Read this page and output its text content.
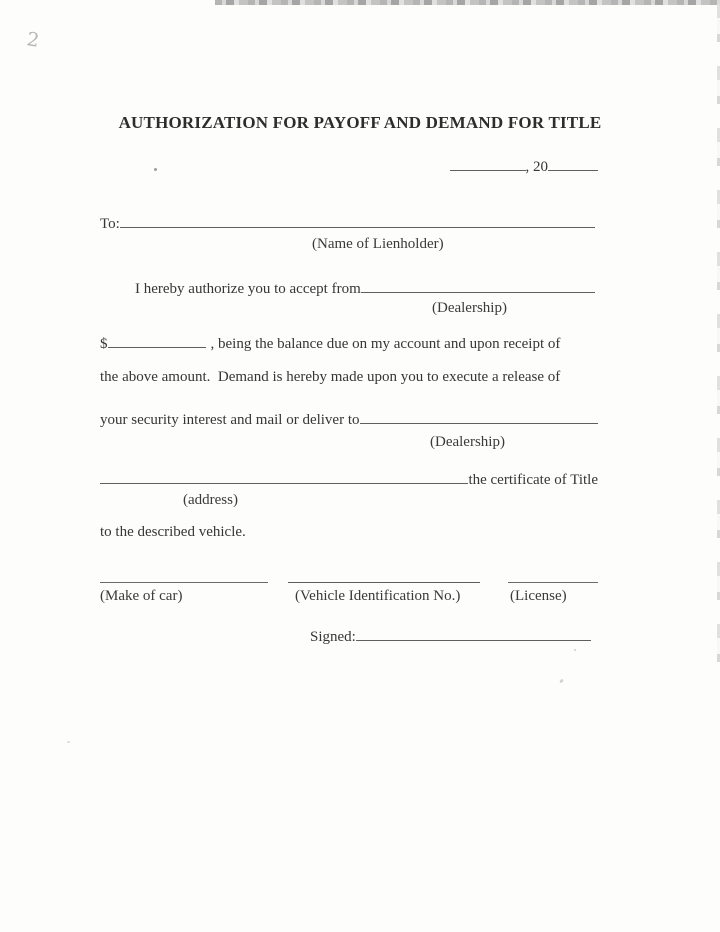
2
AUTHORIZATION FOR PAYOFF AND DEMAND FOR TITLE
, 20
To:
(Name of Lienholder)
I hereby authorize you to accept from
(Dealership)
$	, being the balance due on my account and upon receipt of
the above amount.  Demand is hereby made upon you to execute a release of
your security interest and mail or deliver to
(Dealership)
the certificate of Title
(address)
to the described vehicle.
(Make of car)	(Vehicle Identification No.)	(License)
Signed:
